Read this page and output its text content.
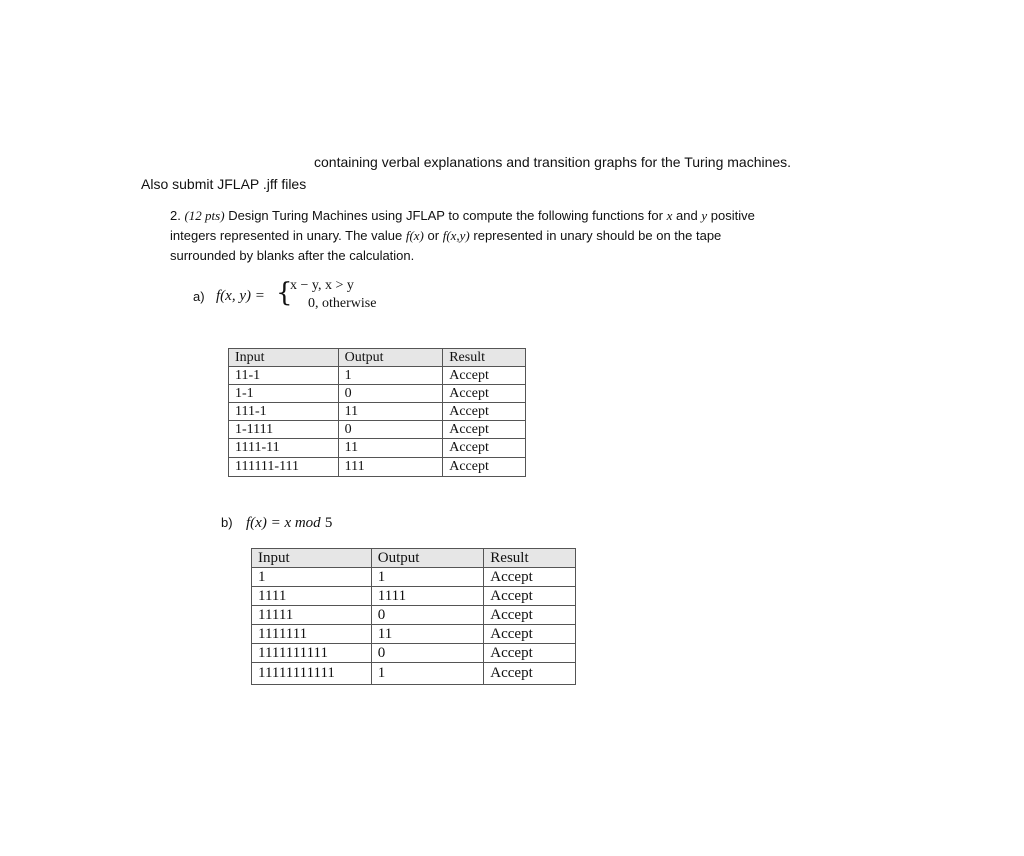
containing verbal explanations and transition graphs for the Turing machines.
Also submit JFLAP .jff files
2. (12 pts) Design Turing Machines using JFLAP to compute the following functions for x and y positive
integers represented in unary. The value f(x) or f(x,y) represented in unary should be on the tape
surrounded by blanks after the calculation.
a) f(x, y) = {
x − y, x > y
0, otherwise
Input	Output	Result
11-1	1	Accept
1-1	0	Accept
111-1	11	Accept
1-1111	0	Accept
1111-11	11	Accept
111111-111	111	Accept
b) f(x) = x mod 5
Input	Output	Result
1	1	Accept
1111	1111	Accept
11111	0	Accept
1111111	11	Accept
1111111111	0	Accept
11111111111	1	Accept
